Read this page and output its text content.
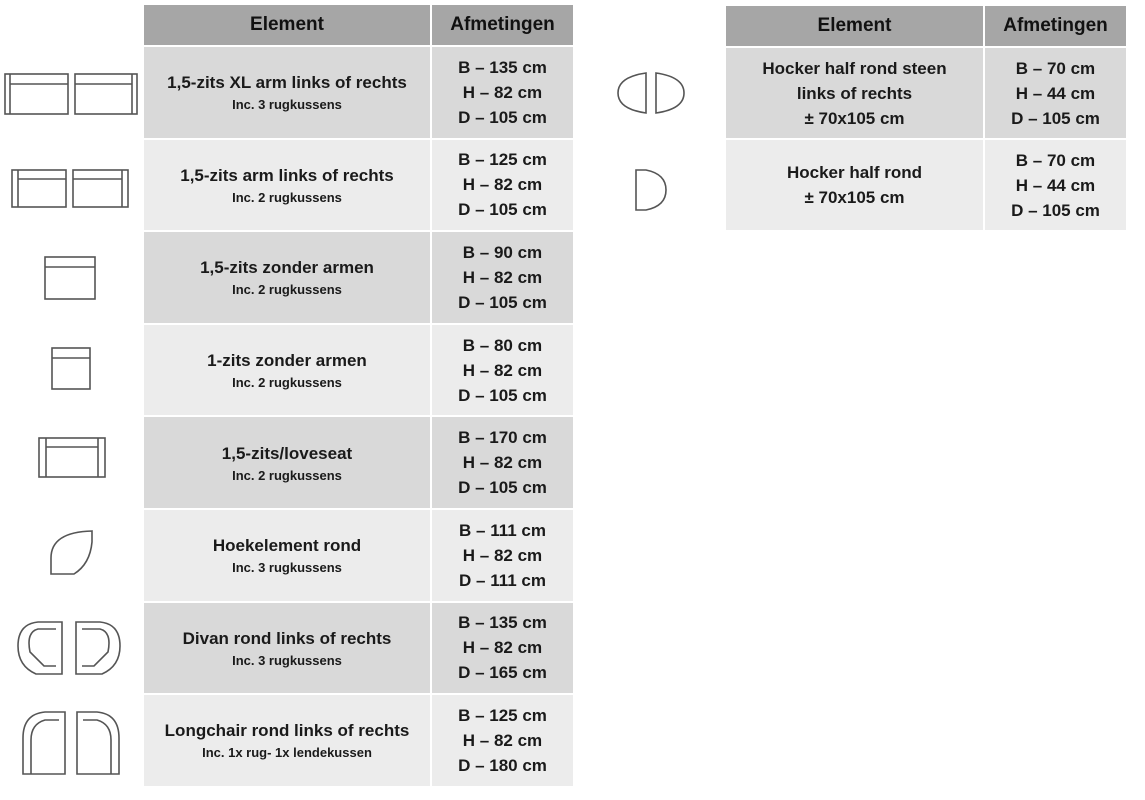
Element	Afmetingen
1,5-zits XL arm links of rechts
Inc. 3 rugkussens	B – 135 cm
H – 82 cm
D – 105 cm

1,5-zits arm links of rechts
Inc. 2 rugkussens	B – 125 cm
H – 82 cm
D – 105 cm

1,5-zits zonder armen
Inc. 2 rugkussens	B – 90 cm
H – 82 cm
D – 105 cm

1-zits zonder armen
Inc. 2 rugkussens	B – 80 cm
H – 82 cm
D – 105 cm

1,5-zits/loveseat
Inc. 2 rugkussens	B – 170 cm
H – 82 cm
D – 105 cm

Hoekelement rond
Inc. 3 rugkussens	B – 111 cm
H – 82 cm
D – 111 cm

Divan rond links of rechts
Inc. 3 rugkussens	B – 135 cm
H – 82 cm
D – 165 cm

Longchair rond links of rechts
Inc. 1x rug- 1x lendekussen	B – 125 cm
H – 82 cm
D – 180 cm
Element	Afmetingen

Hocker half rond steen
links of rechts
± 70x105 cm	B – 70 cm
H – 44 cm
D – 105 cm

Hocker half rond
± 70x105 cm	B – 70 cm
H – 44 cm
D – 105 cm
